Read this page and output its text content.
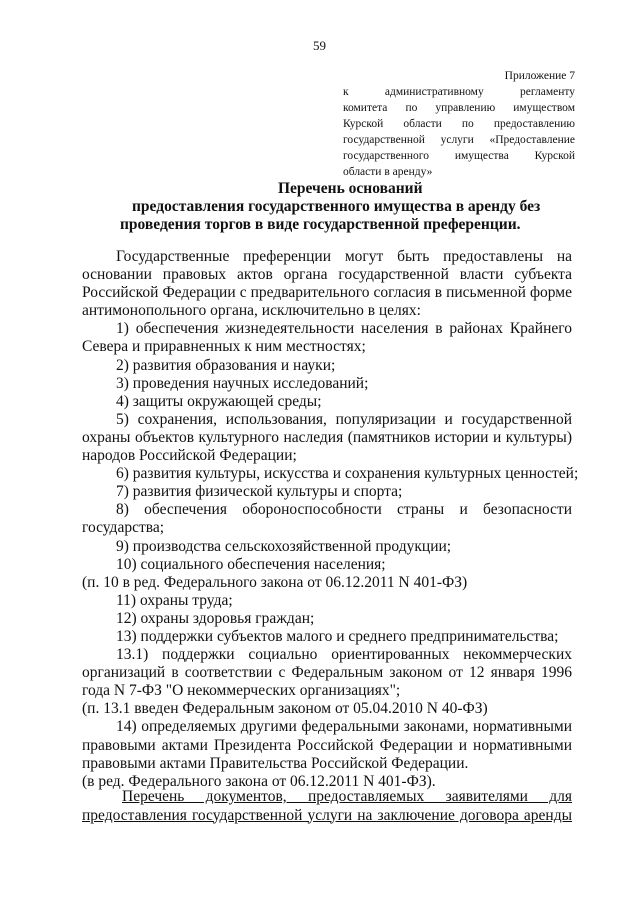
59
Приложение 7
к административному регламенту
комитета по управлению имуществом
Курской области по предоставлению
государственной услуги «Предоставление
государственного имущества Курской
области в аренду»
Перечень оснований
предоставления государственного имущества в аренду без
проведения торгов в виде государственной преференции.
Государственные преференции могут быть предоставлены на
основании правовых актов органа государственной власти субъекта
Российской Федерации с предварительного согласия в письменной форме
антимонопольного органа, исключительно в целях:
1) обеспечения жизнедеятельности населения в районах Крайнего
Севера и приравненных к ним местностях;
2) развития образования и науки;
3) проведения научных исследований;
4) защиты окружающей среды;
5) сохранения, использования, популяризации и государственной
охраны объектов культурного наследия (памятников истории и культуры)
народов Российской Федерации;
6) развития культуры, искусства и сохранения культурных ценностей;
7) развития физической культуры и спорта;
8) обеспечения обороноспособности страны и безопасности
государства;
9) производства сельскохозяйственной продукции;
10) социального обеспечения населения;
(п. 10 в ред. Федерального закона от 06.12.2011 N 401-ФЗ)
11) охраны труда;
12) охраны здоровья граждан;
13) поддержки субъектов малого и среднего предпринимательства;
13.1) поддержки социально ориентированных некоммерческих
организаций в соответствии с Федеральным законом от 12 января 1996
года N 7-ФЗ "О некоммерческих организациях";
(п. 13.1 введен Федеральным законом от 05.04.2010 N 40-ФЗ)
14) определяемых другими федеральными законами, нормативными
правовыми актами Президента Российской Федерации и нормативными
правовыми актами Правительства Российской Федерации.
(в ред. Федерального закона от 06.12.2011 N 401-ФЗ).
Перечень документов, предоставляемых заявителями для
предоставления государственной услуги на заключение договора аренды
